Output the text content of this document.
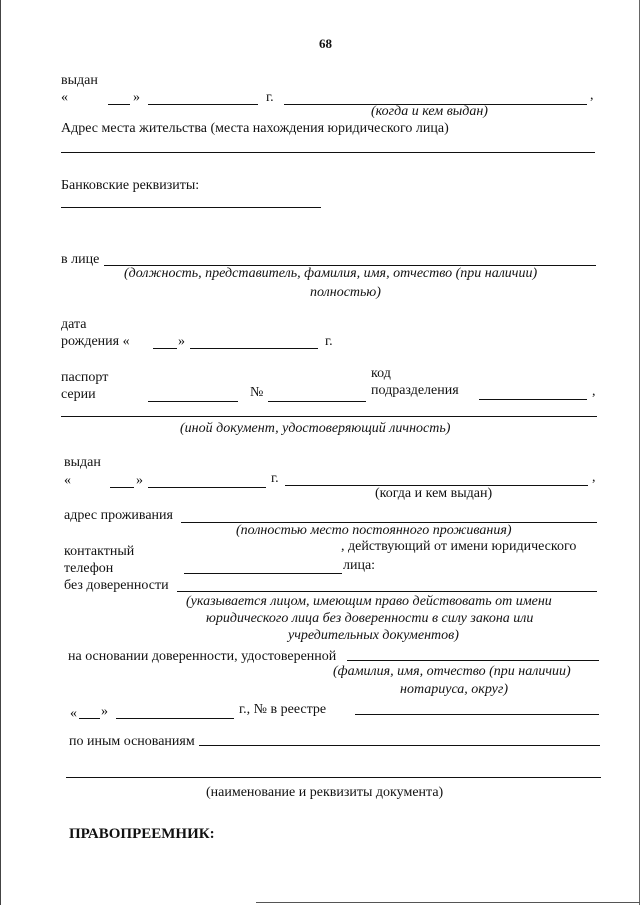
68
выдан
«	»	г.	,
(когда и кем выдан)
Адрес места жительства (места нахождения юридического лица)
Банковские реквизиты:
в лице
(должность, представитель, фамилия, имя, отчество (при наличии)
полностью)
дата
рождения «	»	г.
паспорт
серии	№
код
подразделения	,
(иной документ, удостоверяющий личность)
выдан
«	»	г.	,
(когда и кем выдан)
адрес проживания
(полностью место постоянного проживания)
контактный
телефон
, действующий от имени юридического
лица:
без доверенности
(указывается лицом, имеющим право действовать от имени
юридического лица без доверенности в силу закона или
учредительных документов)
на основании доверенности, удостоверенной
(фамилия, имя, отчество (при наличии)
нотариуса, округ)
« »	г., № в реестре
по иным основаниям
(наименование и реквизиты документа)
ПРАВОПРЕЕМНИК:
